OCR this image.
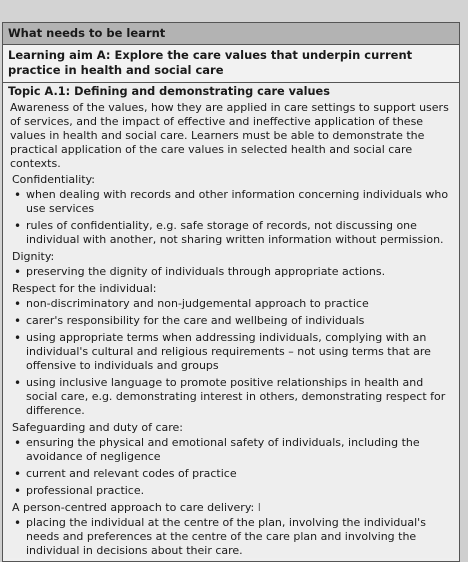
What needs to be learnt
Learning aim A: Explore the care values that underpin current practice in health and social care
Topic A.1: Defining and demonstrating care values
Awareness of the values, how they are applied in care settings to support users of services, and the impact of effective and ineffective application of these values in health and social care. Learners must be able to demonstrate the practical application of the care values in selected health and social care contexts.
Confidentiality:
• when dealing with records and other information concerning individuals who use services
• rules of confidentiality, e.g. safe storage of records, not discussing one individual with another, not sharing written information without permission.
Dignity:
• preserving the dignity of individuals through appropriate actions.
Respect for the individual:
• non-discriminatory and non-judgemental approach to practice
• carer's responsibility for the care and wellbeing of individuals
• using appropriate terms when addressing individuals, complying with an individual's cultural and religious requirements – not using terms that are offensive to individuals and groups
• using inclusive language to promote positive relationships in health and social care, e.g. demonstrating interest in others, demonstrating respect for difference.
Safeguarding and duty of care:
• ensuring the physical and emotional safety of individuals, including the avoidance of negligence
• current and relevant codes of practice
• professional practice.
A person-centred approach to care delivery: I
• placing the individual at the centre of the plan, involving the individual's needs and preferences at the centre of the care plan and involving the individual in decisions about their care.
